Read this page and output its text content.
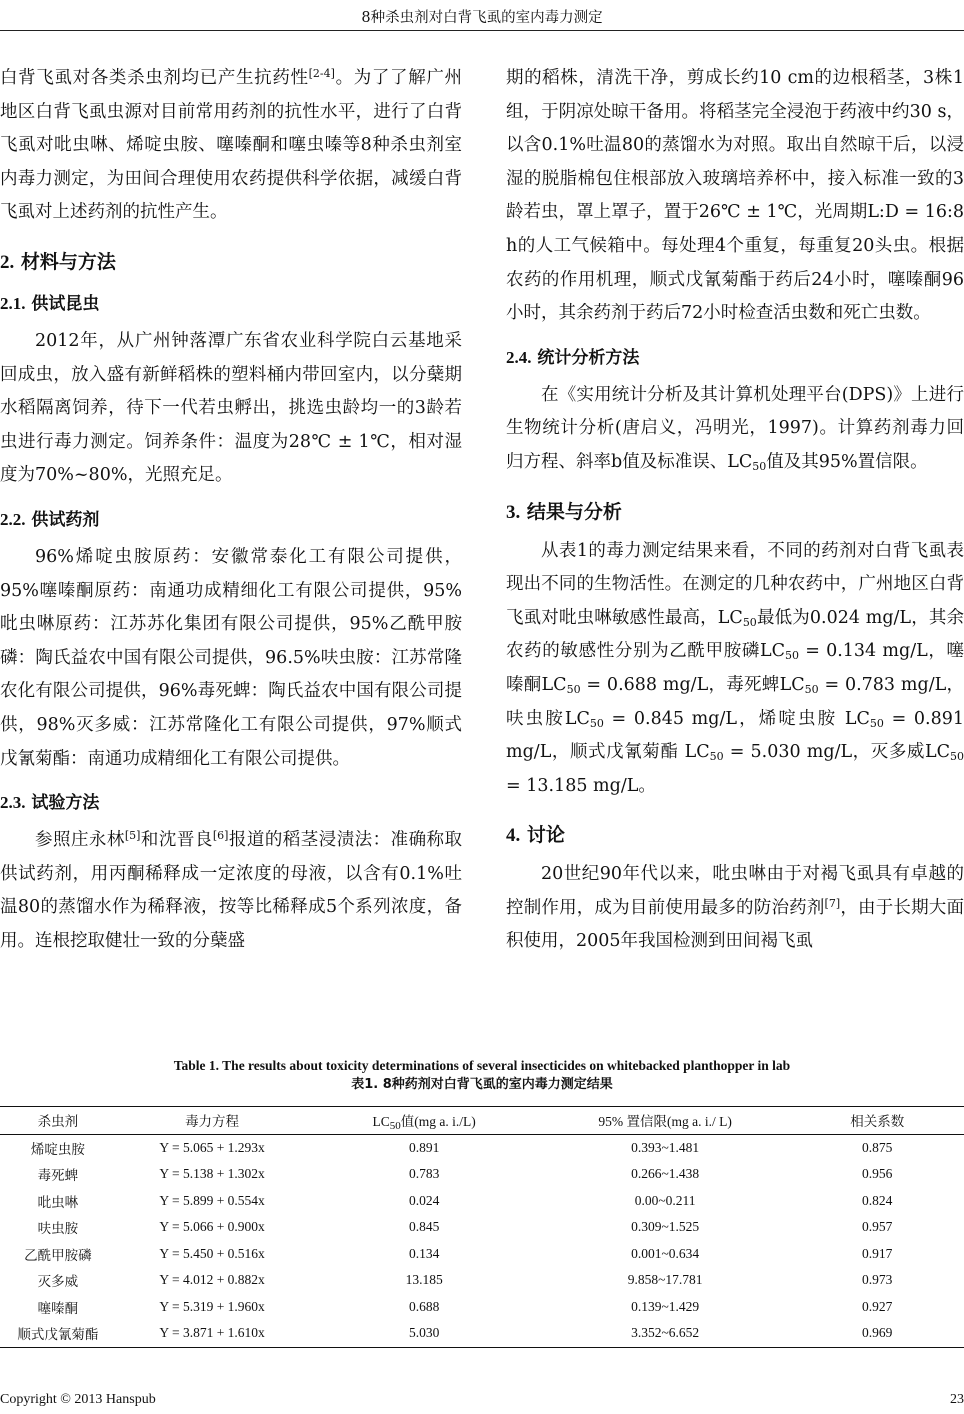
8种杀虫剂对白背飞虱的室内毒力测定

白背飞虱对各类杀虫剂均已产生抗药性[2-4]。为了了解广州地区白背飞虱虫源对目前常用药剂的抗性水平，进行了白背飞虱对吡虫啉、烯啶虫胺、噻嗪酮和噻虫嗪等8种杀虫剂室内毒力测定，为田间合理使用农药提供科学依据，减缓白背飞虱对上述药剂的抗性产生。

2. 材料与方法
2.1. 供试昆虫

2012年，从广州钟落潭广东省农业科学院白云基地采回成虫，放入盛有新鲜稻株的塑料桶内带回室内，以分蘖期水稻隔离饲养，待下一代若虫孵出，挑选虫龄均一的3龄若虫进行毒力测定。饲养条件：温度为28℃ ± 1℃，相对湿度为70%~80%，光照充足。

2.2. 供试药剂

96%烯啶虫胺原药：安徽常泰化工有限公司提供，95%噻嗪酮原药：南通功成精细化工有限公司提供，95%吡虫啉原药：江苏苏化集团有限公司提供，95%乙酰甲胺磷：陶氏益农中国有限公司提供，96.5%呋虫胺：江苏常隆农化有限公司提供，96%毒死蜱：陶氏益农中国有限公司提供，98%灭多威：江苏常隆化工有限公司提供，97%顺式戊氰菊酯：南通功成精细化工有限公司提供。

2.3. 试验方法

参照庄永林[5]和沈晋良[6]报道的稻茎浸渍法：准确称取供试药剂，用丙酮稀释成一定浓度的母液，以含有0.1%吐温80的蒸馏水作为稀释液，按等比稀释成5个系列浓度，备用。连根挖取健壮一致的分蘖盛

期的稻株，清洗干净，剪成长约10 cm的边根稻茎，3株1组，于阴凉处晾干备用。将稻茎完全浸泡于药液中约30 s，以含0.1%吐温80的蒸馏水为对照。取出自然晾干后，以浸湿的脱脂棉包住根部放入玻璃培养杯中，接入标准一致的3龄若虫，罩上罩子，置于26℃ ± 1℃，光周期L:D = 16:8 h的人工气候箱中。每处理4个重复，每重复20头虫。根据农药的作用机理，顺式戊氰菊酯于药后24小时，噻嗪酮96小时，其余药剂于药后72小时检查活虫数和死亡虫数。

2.4. 统计分析方法

在《实用统计分析及其计算机处理平台(DPS)》上进行生物统计分析(唐启义，冯明光，1997)。计算药剂毒力回归方程、斜率b值及标准误、$LC_{50}$值及其95%置信限。

3. 结果与分析

从表1的毒力测定结果来看，不同的药剂对白背飞虱表现出不同的生物活性。在测定的几种农药中，广州地区白背飞虱对吡虫啉敏感性最高，$LC_{50}$最低为0.024 mg/L，其余农药的敏感性分别为乙酰甲胺磷$LC_{50} = 0.134$ mg/L，噻嗪酮$LC_{50} = 0.688$ mg/L，毒死蜱$LC_{50} = 0.783$ mg/L，呋虫胺$LC_{50} = 0.845$ mg/L，烯啶虫胺 $LC_{50} = 0.891$ mg/L，顺式戊氰菊酯 $LC_{50} = 5.030$ mg/L，灭多威$LC_{50} = 13.185$ mg/L。

4. 讨论

20世纪90年代以来，吡虫啉由于对褐飞虱具有卓越的控制作用，成为目前使用最多的防治药剂[7]，由于长期大面积使用，2005年我国检测到田间褐飞虱

Table 1. The results about toxicity determinations of several insecticides on whitebacked planthopper in lab
表1. 8种药剂对白背飞虱的室内毒力测定结果
杀虫剂	毒力方程	$LC_{50}$值(mg a. i./L)	95% 置信限(mg a. i./ L)	相关系数
烯啶虫胺	Y = 5.065 + 1.293x	0.891	0.393~1.481	0.875
毒死蜱	Y = 5.138 + 1.302x	0.783	0.266~1.438	0.956
吡虫啉	Y = 5.899 + 0.554x	0.024	0.00~0.211	0.824
呋虫胺	Y = 5.066 + 0.900x	0.845	0.309~1.525	0.957
乙酰甲胺磷	Y = 5.450 + 0.516x	0.134	0.001~0.634	0.917
灭多威	Y = 4.012 + 0.882x	13.185	9.858~17.781	0.973
噻嗪酮	Y = 5.319 + 1.960x	0.688	0.139~1.429	0.927
顺式戊氰菊酯	Y = 3.871 + 1.610x	5.030	3.352~6.652	0.969
Copyright © 2013 Hanspub	23
